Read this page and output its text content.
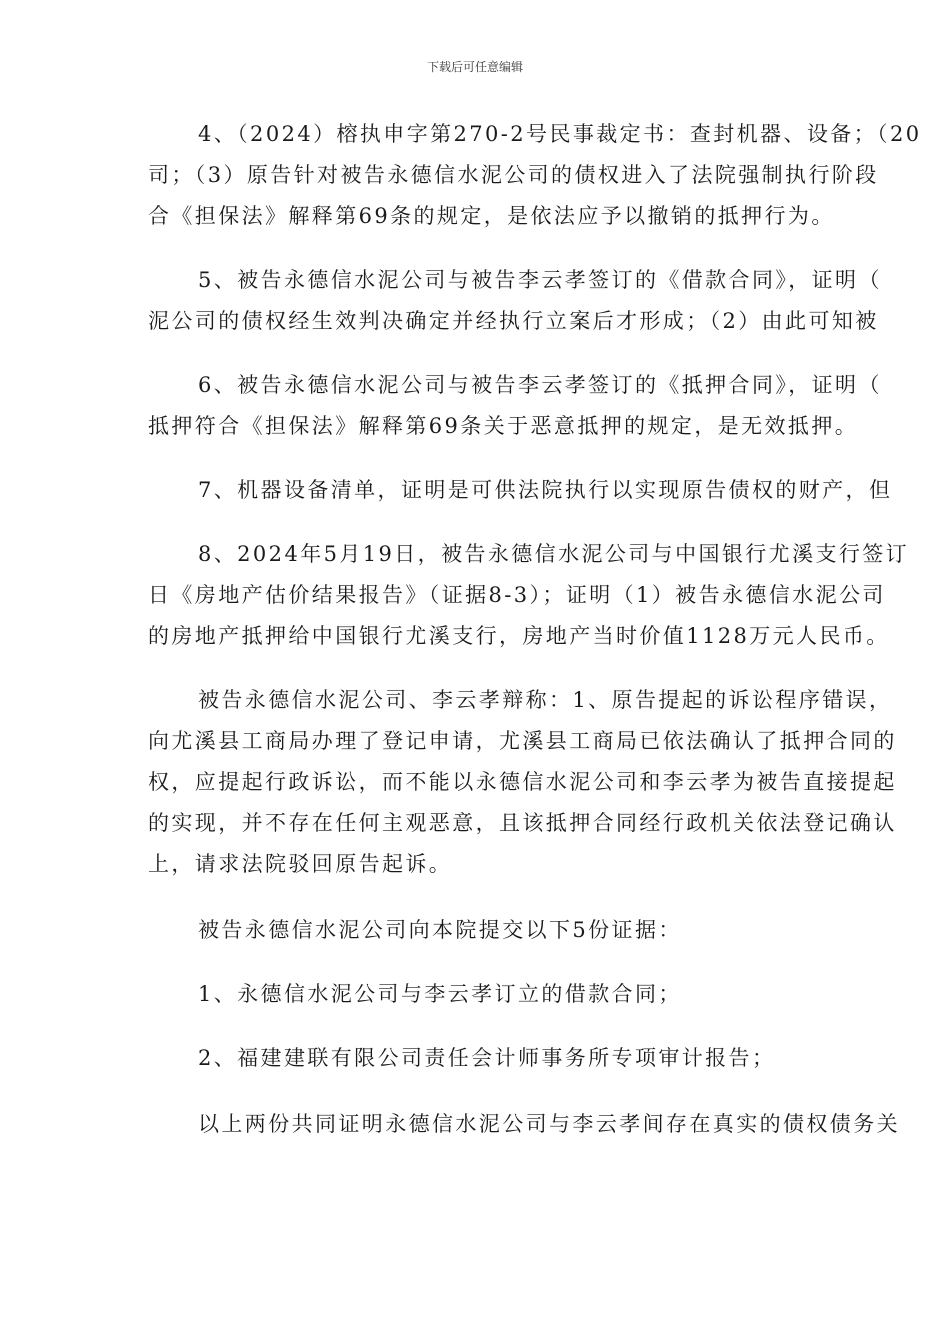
下载后可任意编辑
4、（2024）榕执申字第270-2号民事裁定书：查封机器、设备；（20
司；（3）原告针对被告永德信水泥公司的债权进入了法院强制执行阶段
合《担保法》解释第69条的规定，是依法应予以撤销的抵押行为。
5、被告永德信水泥公司与被告李云孝签订的《借款合同》，证明（
泥公司的债权经生效判决确定并经执行立案后才形成；（2）由此可知被
6、被告永德信水泥公司与被告李云孝签订的《抵押合同》，证明（
抵押符合《担保法》解释第69条关于恶意抵押的规定，是无效抵押。
7、机器设备清单，证明是可供法院执行以实现原告债权的财产，但
8、2024年5月19日，被告永德信水泥公司与中国银行尤溪支行签订
日《房地产估价结果报告》（证据8-3）；证明（1）被告永德信水泥公司
的房地产抵押给中国银行尤溪支行，房地产当时价值1128万元人民币。
被告永德信水泥公司、李云孝辩称：1、原告提起的诉讼程序错误，
向尤溪县工商局办理了登记申请，尤溪县工商局已依法确认了抵押合同的
权，应提起行政诉讼，而不能以永德信水泥公司和李云孝为被告直接提起
的实现，并不存在任何主观恶意，且该抵押合同经行政机关依法登记确认
上，请求法院驳回原告起诉。
被告永德信水泥公司向本院提交以下5份证据：
1、永德信水泥公司与李云孝订立的借款合同；
2、福建建联有限公司责任会计师事务所专项审计报告；
以上两份共同证明永德信水泥公司与李云孝间存在真实的债权债务关
